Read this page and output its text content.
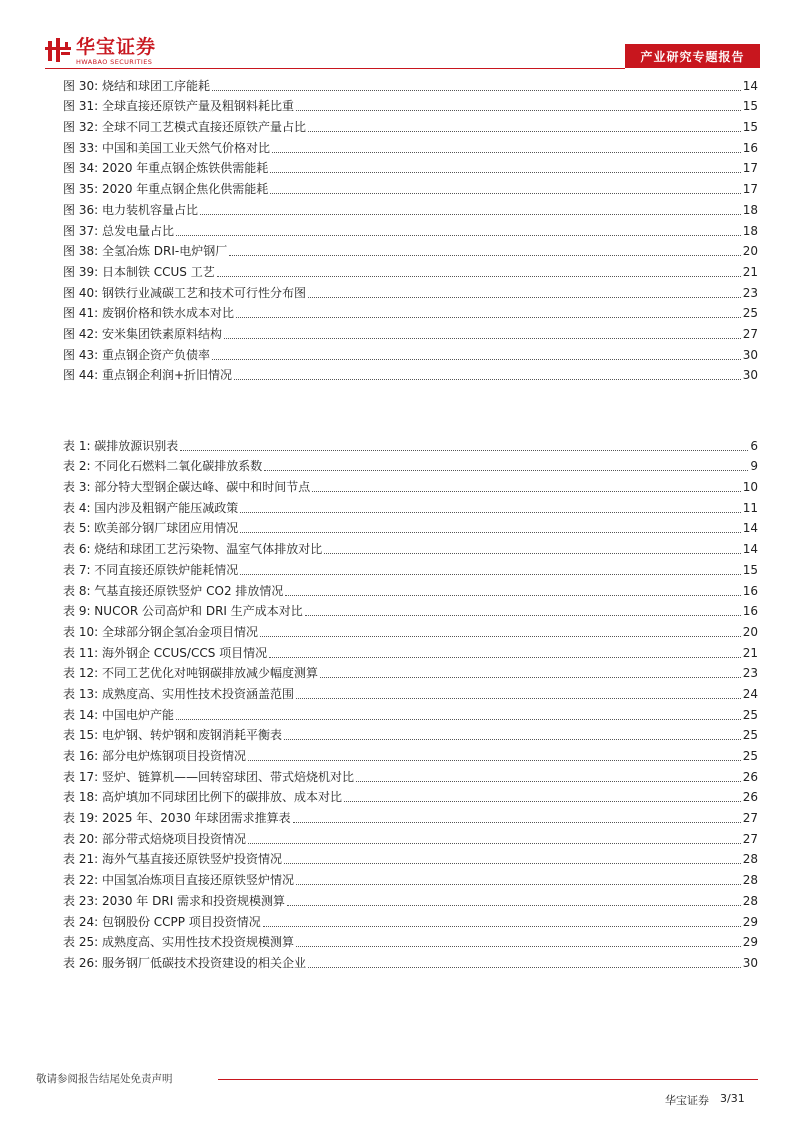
华宝证券
HWABAO SECURITIES	产业研究专题报告
图 30: 烧结和球团工序能耗	14
图 31: 全球直接还原铁产量及粗钢料耗比重	15
图 32: 全球不同工艺模式直接还原铁产量占比	15
图 33: 中国和美国工业天然气价格对比	16
图 34: 2020 年重点钢企炼铁供需能耗	17
图 35: 2020 年重点钢企焦化供需能耗	17
图 36: 电力装机容量占比	18
图 37: 总发电量占比	18
图 38: 全氢冶炼 DRI-电炉钢厂	20
图 39: 日本制铁 CCUS 工艺	21
图 40: 钢铁行业减碳工艺和技术可行性分布图	23
图 41: 废钢价格和铁水成本对比	25
图 42: 安米集团铁素原料结构	27
图 43: 重点钢企资产负债率	30
图 44: 重点钢企利润+折旧情况	30
表 1: 碳排放源识别表	6
表 2: 不同化石燃料二氧化碳排放系数	9
表 3: 部分特大型钢企碳达峰、碳中和时间节点	10
表 4: 国内涉及粗钢产能压减政策	11
表 5: 欧美部分钢厂球团应用情况	14
表 6: 烧结和球团工艺污染物、温室气体排放对比	14
表 7: 不同直接还原铁炉能耗情况	15
表 8: 气基直接还原铁竖炉 CO2 排放情况	16
表 9: NUCOR 公司高炉和 DRI 生产成本对比	16
表 10: 全球部分钢企氢冶金项目情况	20
表 11: 海外钢企 CCUS/CCS 项目情况	21
表 12: 不同工艺优化对吨钢碳排放减少幅度测算	23
表 13: 成熟度高、实用性技术投资涵盖范围	24
表 14: 中国电炉产能	25
表 15: 电炉钢、转炉钢和废钢消耗平衡表	25
表 16: 部分电炉炼钢项目投资情况	25
表 17: 竖炉、链算机——回转窑球团、带式焙烧机对比	26
表 18: 高炉填加不同球团比例下的碳排放、成本对比	26
表 19: 2025 年、2030 年球团需求推算表	27
表 20: 部分带式焙烧项目投资情况	27
表 21: 海外气基直接还原铁竖炉投资情况	28
表 22: 中国氢冶炼项目直接还原铁竖炉情况	28
表 23: 2030 年 DRI 需求和投资规模测算	28
表 24: 包钢股份 CCPP 项目投资情况	29
表 25: 成熟度高、实用性技术投资规模测算	29
表 26: 服务钢厂低碳技术投资建设的相关企业	30
敬请参阅报告结尾处免责声明
华宝证券 3/31
